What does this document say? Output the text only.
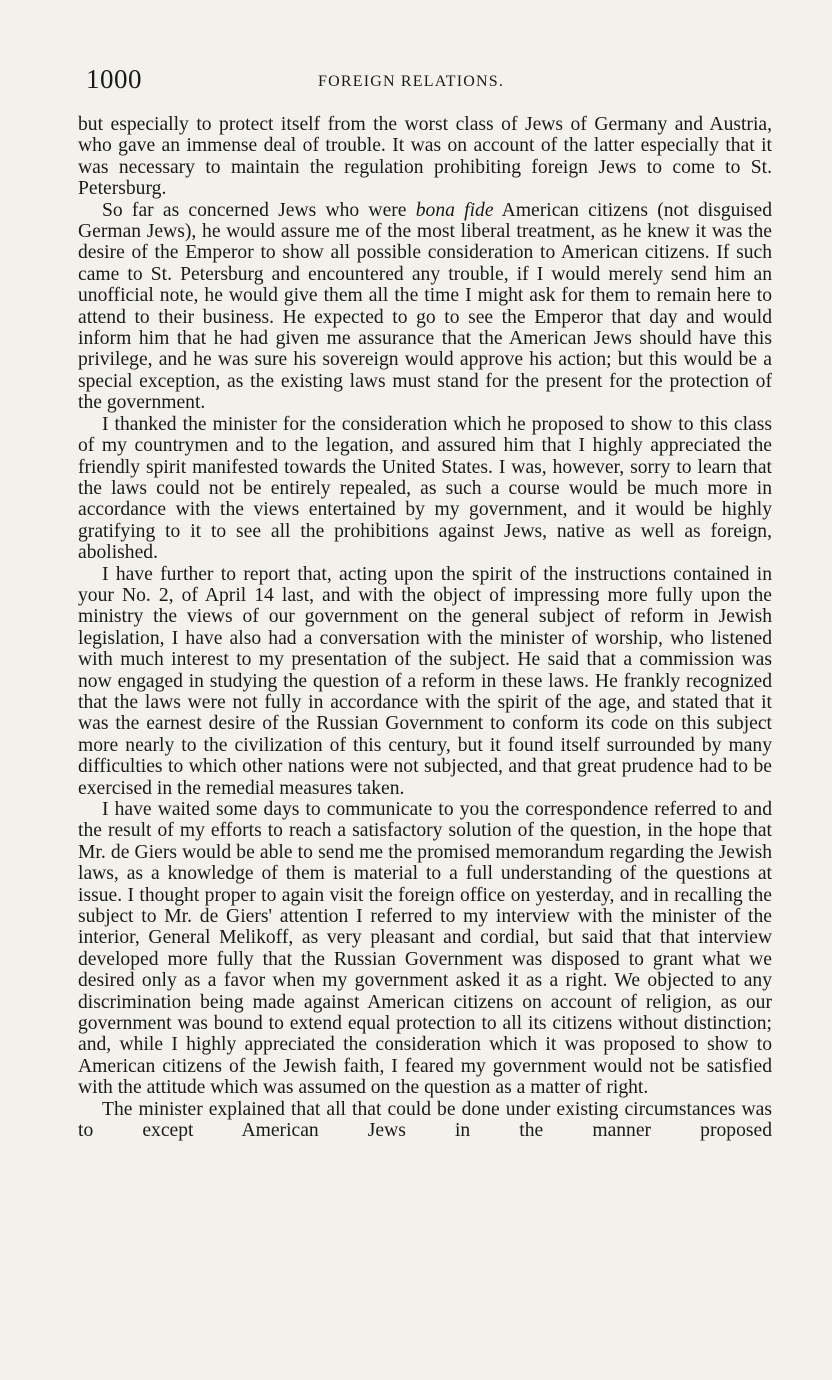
1000	FOREIGN RELATIONS.

but especially to protect itself from the worst class of Jews of Germany and Austria, who gave an immense deal of trouble. It was on account of the latter especially that it was necessary to maintain the regulation prohibiting foreign Jews to come to St. Petersburg.

So far as concerned Jews who were bona fide American citizens (not disguised German Jews), he would assure me of the most liberal treatment, as he knew it was the desire of the Emperor to show all possible consideration to American citizens. If such came to St. Petersburg and encountered any trouble, if I would merely send him an unofficial note, he would give them all the time I might ask for them to remain here to attend to their business. He expected to go to see the Emperor that day and would inform him that he had given me assurance that the American Jews should have this privilege, and he was sure his sovereign would approve his action; but this would be a special exception, as the existing laws must stand for the present for the protection of the government.

I thanked the minister for the consideration which he proposed to show to this class of my countrymen and to the legation, and assured him that I highly appreciated the friendly spirit manifested towards the United States. I was, however, sorry to learn that the laws could not be entirely repealed, as such a course would be much more in accordance with the views entertained by my government, and it would be highly gratifying to it to see all the prohibitions against Jews, native as well as foreign, abolished.

I have further to report that, acting upon the spirit of the instructions contained in your No. 2, of April 14 last, and with the object of impressing more fully upon the ministry the views of our government on the general subject of reform in Jewish legislation, I have also had a conversation with the minister of worship, who listened with much interest to my presentation of the subject. He said that a commission was now engaged in studying the question of a reform in these laws. He frankly recognized that the laws were not fully in accordance with the spirit of the age, and stated that it was the earnest desire of the Russian Government to conform its code on this subject more nearly to the civilization of this century, but it found itself surrounded by many difficulties to which other nations were not subjected, and that great prudence had to be exercised in the remedial measures taken.

I have waited some days to communicate to you the correspondence referred to and the result of my efforts to reach a satisfactory solution of the question, in the hope that Mr. de Giers would be able to send me the promised memorandum regarding the Jewish laws, as a knowledge of them is material to a full understanding of the questions at issue. I thought proper to again visit the foreign office on yesterday, and in recalling the subject to Mr. de Giers' attention I referred to my interview with the minister of the interior, General Melikoff, as very pleasant and cordial, but said that that interview developed more fully that the Russian Government was disposed to grant what we desired only as a favor when my government asked it as a right. We objected to any discrimination being made against American citizens on account of religion, as our government was bound to extend equal protection to all its citizens without distinction; and, while I highly appreciated the consideration which it was proposed to show to American citizens of the Jewish faith, I feared my government would not be satisfied with the attitude which was assumed on the question as a matter of right.

The minister explained that all that could be done under existing circumstances was to except American Jews in the manner proposed
